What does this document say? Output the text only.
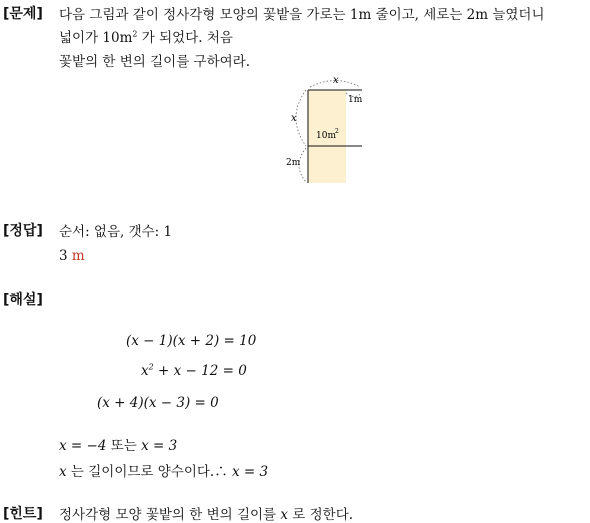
[문제] 다음 그림과 같이 정사각형 모양의 꽃밭을 가로는 1m 줄이고, 세로는 2m 늘였더니
넓이가 $10m^2$ 가 되었다. 처음
꽃밭의 한 변의 길이를 구하여라.
x
x
1m
2m
10m 2
[정답] 순서: 없음, 갯수: 1
3 m
[해설]
(x − 1)(x + 2) = 10
$x^2 + x - 12 = 0$
(x + 4)(x − 3) = 0
x = −4 또는 x = 3
x 는 길이이므로 양수이다.∴ x = 3
[힌트] 정사각형 모양 꽃밭의 한 변의 길이를 x 로 정한다.
